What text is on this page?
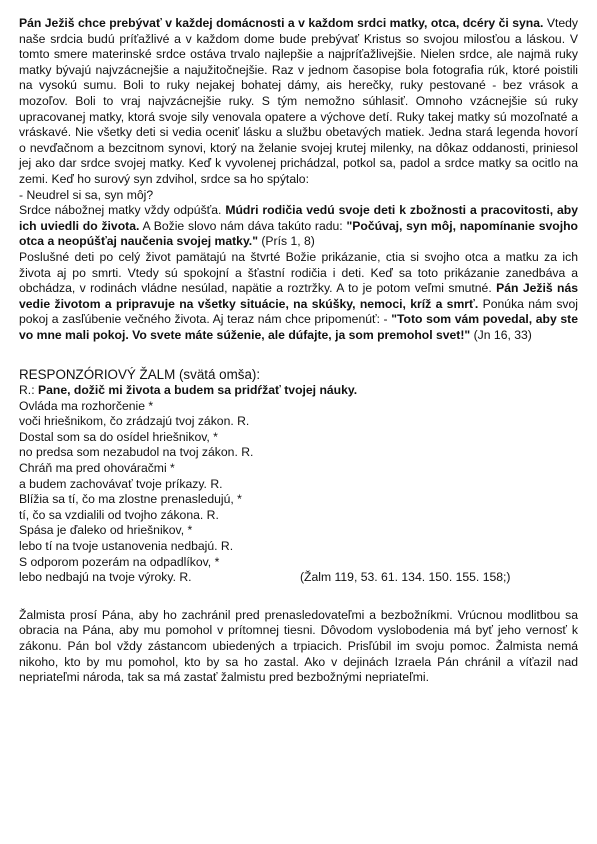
Pán Ježiš chce prebývať v každej domácnosti a v každom srdci matky, otca, dcéry či syna. Vtedy naše srdcia budú príťažlivé a v každom dome bude prebývať Kristus so svojou milosťou a láskou. V tomto smere materinské srdce ostáva trvalo najlepšie a najpríťažlivejšie. Nielen srdce, ale najmä ruky matky bývajú najvzácnejšie a najužitočnejšie. Raz v jednom časopise bola fotografia rúk, ktoré poistili na vysokú sumu. Boli to ruky nejakej bohatej dámy, ais herečky, ruky pestované - bez vrások a mozoľov. Boli to vraj najvzácnejšie ruky. S tým nemožno súhlasiť. Omnoho vzácnejšie sú ruky upracovanej matky, ktorá svoje sily venovala opatere a výchove detí. Ruky takej matky sú mozoľnaté a vráskavé. Nie všetky deti si vedia oceniť lásku a službu obetavých matiek. Jedna stará legenda hovorí o nevďačnom a bezcitnom synovi, ktorý na želanie svojej krutej milenky, na dôkaz oddanosti, priniesol jej ako dar srdce svojej matky. Keď k vyvolenej prichádzal, potkol sa, padol a srdce matky sa ocitlo na zemi. Keď ho surový syn zdvihol, srdce sa ho spýtalo:

- Neudrel si sa, syn môj?

Srdce nábožnej matky vždy odpúšťa. Múdri rodičia vedú svoje deti k zbožnosti a pracovitosti, aby ich uviedli do života. A Božie slovo nám dáva takúto radu: "Počúvaj, syn môj, napomínanie svojho otca a neopúšťaj naučenia svojej matky." (Prís 1, 8)

Poslušné deti po celý život pamätajú na štvrté Božie prikázanie, ctia si svojho otca a matku za ich života aj po smrti. Vtedy sú spokojní a šťastní rodičia i deti. Keď sa toto prikázanie zanedbáva a obchádza, v rodinách vládne nesúlad, napätie a roztržky. A to je potom veľmi smutné. Pán Ježiš nás vedie životom a pripravuje na všetky situácie, na skúšky, nemoci, kríž a smrť. Ponúka nám svoj pokoj a zasľúbenie večného života. Aj teraz nám chce pripomenúť: - "Toto som vám povedal, aby ste vo mne mali pokoj. Vo svete máte súženie, ale dúfajte, ja som premohol svet!" (Jn 16, 33)

RESPONZÓRIOVÝ ŽALM (svätá omša):

R.: Pane, dožič mi života a budem sa pridŕžať tvojej náuky.

Ovláda ma rozhorčenie *

voči hriešnikom, čo zrádzajú tvoj zákon. R.

Dostal som sa do osídel hriešnikov, *

no predsa som nezabudol na tvoj zákon. R.

Chráň ma pred ohováračmi *

a budem zachovávať tvoje príkazy. R.

Blížia sa tí, čo ma zlostne prenasledujú, *

tí, čo sa vzdialili od tvojho zákona. R.

Spása je ďaleko od hriešnikov, *

lebo tí na tvoje ustanovenia nedbajú. R.

S odporom pozerám na odpadlíkov, *

lebo nedbajú na tvoje výroky. R.	(Žalm 119, 53. 61. 134. 150. 155. 158;)

Žalmista prosí Pána, aby ho zachránil pred prenasledovateľmi a bezbožníkmi. Vrúcnou modlitbou sa obracia na Pána, aby mu pomohol v prítomnej tiesni. Dôvodom vyslobodenia má byť jeho vernosť k zákonu. Pán bol vždy zástancom ubiedených a trpiacich. Prisľúbil im svoju pomoc. Žalmista nemá nikoho, kto by mu pomohol, kto by sa ho zastal. Ako v dejinách Izraela Pán chránil a víťazil nad nepriateľmi národa, tak sa má zastať žalmistu pred bezbožnými nepriateľmi.
